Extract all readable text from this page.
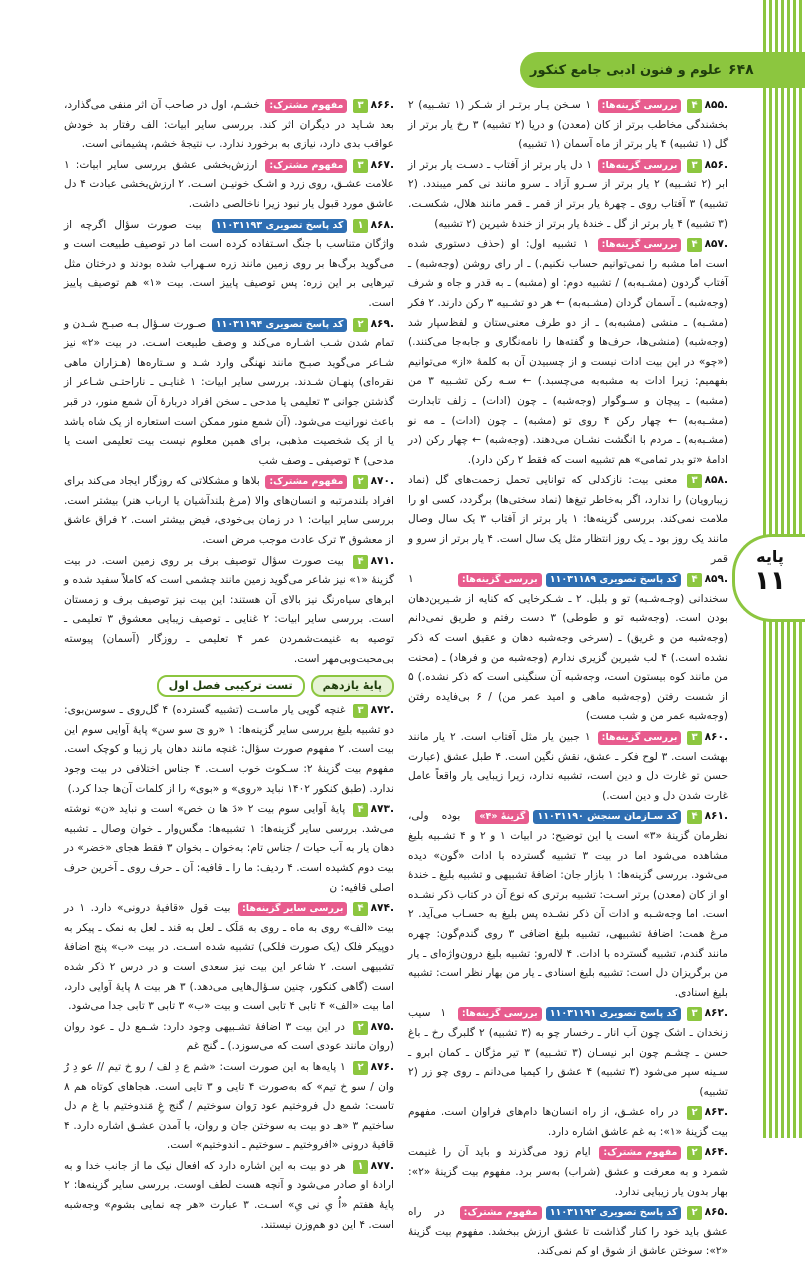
۶۴۸
علوم و فنون ادبی جامع کنکور
پایه
۱۱
.۸۵۵۴بررسی گزینه‌ها: ۱ سـخن یـار برتـر از شـکر (۱ تشـبیه) ۲ بخشندگی مخاطب برتر از کان (معدن) و دریا (۲ تشبیه) ۳ رخ یار برتر از گل (۱ تشبیه) ۴ یار برتر از ماه آسمان (۱ تشبیه)
.۸۵۶۳بررسی گزینه‌ها: ۱ دل یار برتر از آفتاب ـ دسـت یار برتر از ابر (۲ تشـبیه) ۲ یار برتر از سـرو آزاد ـ سرو مانند نی کمر میبندد. (۲ تشبیه) ۳ آفتاب روی ـ چهرهٔ یار برتر از قمر ـ قمر مانند هلال، شکسـت. (۳ تشبیه) ۴ یار برتر از گل ـ خندهٔ یار برتر از خندهٔ شیرین (۲ تشبیه)
.۸۵۷۴بررسی گزینه‌ها: ۱ تشبیه اول: او (حذف دستوری شده است اما مشبه را نمی‌توانیم حساب نکنیم.) ـ ار رای روشن (وجه‌شبه) ـ آفتاب گردون (مشـبه‌به) / تشبیه دوم: او (مشبه) ـ به قدر و جاه و شرف (وجه‌شبه) ـ آسمان گردان (مشـبه‌به) ← هر دو تشـبیه ۳ رکن دارند. ۲ فکر (مشـبه) ـ منشی (مشبه‌به) ـ از دو طرف معنی‌ستان و لفظ‌سپار شد (وجه‌شبه) (منشی‌ها، حرف‌ها و گفته‌ها را نامه‌نگاری و جابه‌جا می‌کنند.) («چو» در این بیت ادات نیست و از چسبیدن آن به کلمهٔ «از» می‌توانیم بفهمیم: زیرا ادات به مشبه‌به می‌چسبد.) ← سـه رکن تشـبیه ۳ من (مشبه) ـ پیچان و سـوگوار (وجه‌شبه) ـ چون (ادات) ـ زلف تابدارت (مشـبه‌به) ← چهار رکن ۴ روی تو (مشبه) ـ چون (ادات) ـ مه نو (مشـبه‌به) ـ مردم با انگشت نشـان می‌دهند. (وجه‌شبه) ← چهار رکن (در ادامهٔ «تو بدر تمامی» هم تشبیه است که فقط ۲ رکن دارد).
.۸۵۸۳ معنی بیت: نازکدلی که توانایی تحمل زحمت‌های گل (نماد زیبارویان) را ندارد، اگر به‌خاطر تیغ‌ها (نماد سختی‌ها) برگردد، کسی او را ملامت نمی‌کند. بررسی گزینه‌ها: ۱ یار برتر از آفتاب ۳ یک سال وصال مانند یک روز بود ـ یک روز انتظار مثل یک سال است. ۴ یار برتر از سرو و قمر
.۸۵۹۴کد پاسخ تصویری ۱۱۰۳۱۱۸۹بررسی گزینه‌ها: ۱ سخندانی (وجـه‌شـبه) تو و بلبل. ۲ ـ شـکرخایی که کنایه از شـیرین‌دهان بودن است. (وجه‌شبه تو و طوطی) ۳ دست رفتم و طریق نمی‌دانم (وجه‌شبه من و غریق) ـ (سرخی وجه‌شبه دهان و عقیق است که ذکر نشده است.) ۴ لب شیرین گزیری ندارم (وجه‌شبه من و فرهاد) ـ (محنت من مانند کوه بیستون است، وجه‌شبه آن سنگینی است که ذکر نشده.) ۵ از شست رفتن (وجه‌شبه ماهی و امید عمر من) / ۶ بی‌فایده رفتن (وجه‌شبه عمر من و شب مست)
.۸۶۰۳بررسی گزینه‌ها: ۱ جبین یار مثل آفتاب است. ۲ یار مانند بهشت است. ۳ لوح فکر ـ عشق، نقش نگین است. ۴ طبل عشق (عبارت حسن تو غارت دل و دین است، تشبیه ندارد، زیرا زیبایی یار واقعاً عامل غارت شدن دل و دین است.)
.۸۶۱۴کد سـازمان سنجش ۱۱۰۳۱۱۹۰گزینهٔ «۴» بوده ولی، نظرمان گزینهٔ «۳» است یا این توضیح: در ابیات ۱ و ۲ و ۴ تشـبیه بلیغ مشاهده می‌شود اما در بیت ۳ تشبیه گسترده با ادات «گون» دیده می‌شود. بررسی گزینه‌ها: ۱ بازار جان: اضافهٔ تشبیهی و تشبیه بلیغ ـ خندهٔ او از کان (معدن) برتر اسـت: تشبیه برتری که نوع آن در کتاب ذکر نشـده است. اما وجه‌شـبه و ادات آن ذکر نشـده پس بلیغ به حسـاب می‌آید. ۲ مرغ همت: اضافهٔ تشبیهی، تشبیه بلیغ اضافی ۳ روی گندم‌گون: چهره مانند گندم، تشبیه گسترده با ادات. ۴ لاله‌رو: تشبیه بلیغ درون‌واژه‌ای ـ یار من برگریزان دل است: تشبیه بلیغ اسنادی ـ یار من بهار نظر است: تشبیه بلیغ اسنادی.
.۸۶۲۳کد پاسخ تصویری ۱۱۰۳۱۱۹۱بررسی گزینه‌ها: ۱ سیب زنخدان ـ اشک چون آب انار ـ رخسار چو به (۳ تشبیه) ۲ گلبرگ رخ ـ باغ حسن ـ چشـم چون ابر نیسـان (۳ تشـبیه) ۳ تیر مژگان ـ کمان ابرو ـ سـینه سپر می‌شود (۳ تشبیه) ۴ عشق را کیمیا می‌دانم ـ روی چو زر (۲ تشبیه)
.۸۶۳۲ در راه عشـق، از راه انسان‌ها دام‌های فراوان است. مفهوم بیت گزینهٔ «۱»: به غم عاشق اشاره دارد.
.۸۶۴۲مفهوم مشترک: ایام زود می‌گذرند و باید آن را غنیمت شمرد و به معرفت و عشق (شراب) به‌سر برد. مفهوم بیت گزینهٔ «۲»: بهار بدون یار زیبایی ندارد.
.۸۶۵۲کد پاسخ تصویری ۱۱۰۳۱۱۹۲مفهوم مشترک: در راه عشق باید خود را کنار گذاشت تا عشق ارزش ببخشد. مفهوم بیت گزینهٔ «۲»: سوختن عاشق از شوق او کم نمی‌کند.
.۸۶۶۳مفهوم مشترک: خشـم، اول در صاحب آن اثر منفی می‌گذارد، بعد شـاید در دیگران اثر کند. بررسی سایر ابیات: الف رفتار بد خودش عواقب بدی دارد، نیازی به برخورد ندارد. ب نتیجهٔ خشم، پشیمانی است.
.۸۶۷۳مفهوم مشترک: ارزش‌بخشی عشق بررسی سایر ابیات: ۱ علامت عشـق، روی زرد و اشـک خونیـن اسـت. ۲ ارزش‌بخشی عبادت ۴ دل عاشق مورد قبول یار نبود زیرا ناخالصی داشت.
.۸۶۸۱کد پاسخ تصویری ۱۱۰۳۱۱۹۳ بیت صورت سؤال اگرچه از واژگان متناسب با جنگ اسـتفاده کرده است اما در توصیف طبیعت است و می‌گوید برگ‌ها بر روی زمین مانند زره سـهراب شده بودند و درختان مثل تیرهایی بر این زره: پس توصیف پاییز است. بیت «۱» هم توصیف پاییز است.
.۸۶۹۲کد پاسخ تصویری ۱۱۰۳۱۱۹۴ صـورت سـؤال بـه صبـح شـدن و تمام شدن شـب اشـاره می‌کند و وصف طبیعت اسـت. در بیت «۲» نیز شـاعر می‌گوید صبـح مانند نهنگی وارد شـد و سـتاره‌ها (هـزاران ماهی نقره‌ای) پنهـان شـدند. بررسی سایر ابیات: ۱ غنایـی ـ ناراحتـی شـاعر از گذشتن جوانی ۳ تعلیمی یا مدحی ـ سخن افراد دربارهٔ آن شمع منور، در قبر باعث نورانیت می‌شود. (آن شمع منور ممکن است استعاره از یک شاه باشد یا از یک شخصیت مذهبی، برای همین معلوم نیست بیت تعلیمی است یا مدحی) ۴ توصیفی ـ وصف شب
.۸۷۰۲مفهوم مشترک: بلاها و مشکلاتی که روزگار ایجاد می‌کند برای افراد بلندمرتبه و انسان‌های والا (مرغ بلندآشیان یا ارباب هنر) بیشتر است. بررسی سایر ابیات: ۱ در زمان بی‌خودی، فیض بیشتر است. ۲ فراق عاشق از معشوق ۳ ترک عادت موجب مرض است.
.۸۷۱۴ بیت صورت سؤال توصیف برف بر روی زمین است. در بیت گزینهٔ «۱» نیز شاعر می‌گوید زمین مانند چشمی است که کاملاً سفید شده و ابرهای سیاه‌رنگ نیز بالای آن هستند: این بیت نیز توصیف برف و زمستان است. بررسی سایر ابیات: ۲ غنایی ـ توصیف زیبایی معشوق ۳ تعلیمی ـ توصیه به غنیمت‌شمردن عمر ۴ تعلیمی ـ روزگار (آسمان) پیوسته بی‌محبت‌وبی‌مهر است.
پایهٔ یازدهم
تست ترکیبی فصل اول
.۸۷۲۳ غنچه گویی یار ماسـت (تشبیه گسترده) ۴ گل‌روی ـ سوسن‌بوی: دو تشبیه بلیغ بررسی سایر گزینه‌ها: ۱ «رو یَ سو سن» پایهٔ آوایی سوم این بیت است. ۲ مفهوم صورت سؤال: غنچه مانند دهان یار زیبا و کوچک است. مفهوم بیت گزینهٔ ۲: سـکوت خوب اسـت. ۴ جناس اختلافی در بیت وجود ندارد. (طبق کنکور ۱۴۰۲ نباید «روی» و «بوی» را از کلمات آن‌ها جدا کرد.)
.۸۷۳۴ پایهٔ آوایی سوم بیت ۲ «دَ ها ن خص» است و نباید «ن» نوشته می‌شد. بررسی سایر گزینه‌ها: ۱ تشبیه‌ها: مگس‌وار ـ خوان وصال ـ تشبیه دهان یار به آب حیات / جناس تام: به‌خوان ـ بخوان ۳ فقط هجای «خضر» در بیت دوم کشیده است. ۴ ردیف: ما را ـ قافیه: آن ـ حرف روی ـ آخرین حرف اصلی قافیه: ن
.۸۷۴۴بررسی سایر گزینه‌ها: بیت قول «قافیهٔ درونی» دارد. ۱ در بیت «الف» روی به ماه ـ روی به مَلَک ـ لعل به قند ـ لعل به نمک ـ پیکر به دوپیکر فلک (یک صورت فلکی) تشبیه شده اسـت. در بیت «ب» پنج اضافهٔ تشبیهی است. ۲ شاعر این بیت نیز سعدی است و در درس ۲ ذکر شده است (گاهی کنکور، چنین سـؤال‌هایی می‌دهد.) ۳ هر بیت ۸ پایهٔ آوایی دارد، اما بیت «الف» ۴ تابی ۴ تابی است و بیت «ب» ۳ تابی ۳ تابی جدا می‌شود.
.۸۷۵۲ در این بیت ۳ اضافهٔ تشـبیهی وجود دارد: شـمع دل ـ عود روان (روان مانند عودی است که می‌سوزد.) ـ گنج غم
.۸۷۶۲ ۱ پایه‌ها به این صورت است: «شم ع دِ لف / رو خ تیم // عو دِ رُ وان / سو خ تیم» که به‌صورت ۴ تایی و ۳ تایی است. هجاهای کوتاه هم ۸ تاست: شمع دل فروختیم عود رَوان سوختیم / گنج غِ مَندوختیم با غ م دل ساختیم ۳ «هـ دو بیت به سوختن جان و روان، با آمدن عشـق اشاره دارد. ۴ قافیهٔ درونی «افروختیم ـ سوختیم ـ اندوختیم» است.
.۸۷۷۱ هر دو بیت به این اشاره دارد که افعال نیک ما از جانب خدا و به ارادهٔ او صادر می‌شود و آنچه هست لطف اوست. بررسی سایر گزینه‌ها: ۲ پایهٔ هفتم «اُ یِ نی یِ» اسـت. ۳ عبارت «هر چه نمایی بشوم» وجه‌شبه است. ۴ این دو هم‌وزن نیستند.
